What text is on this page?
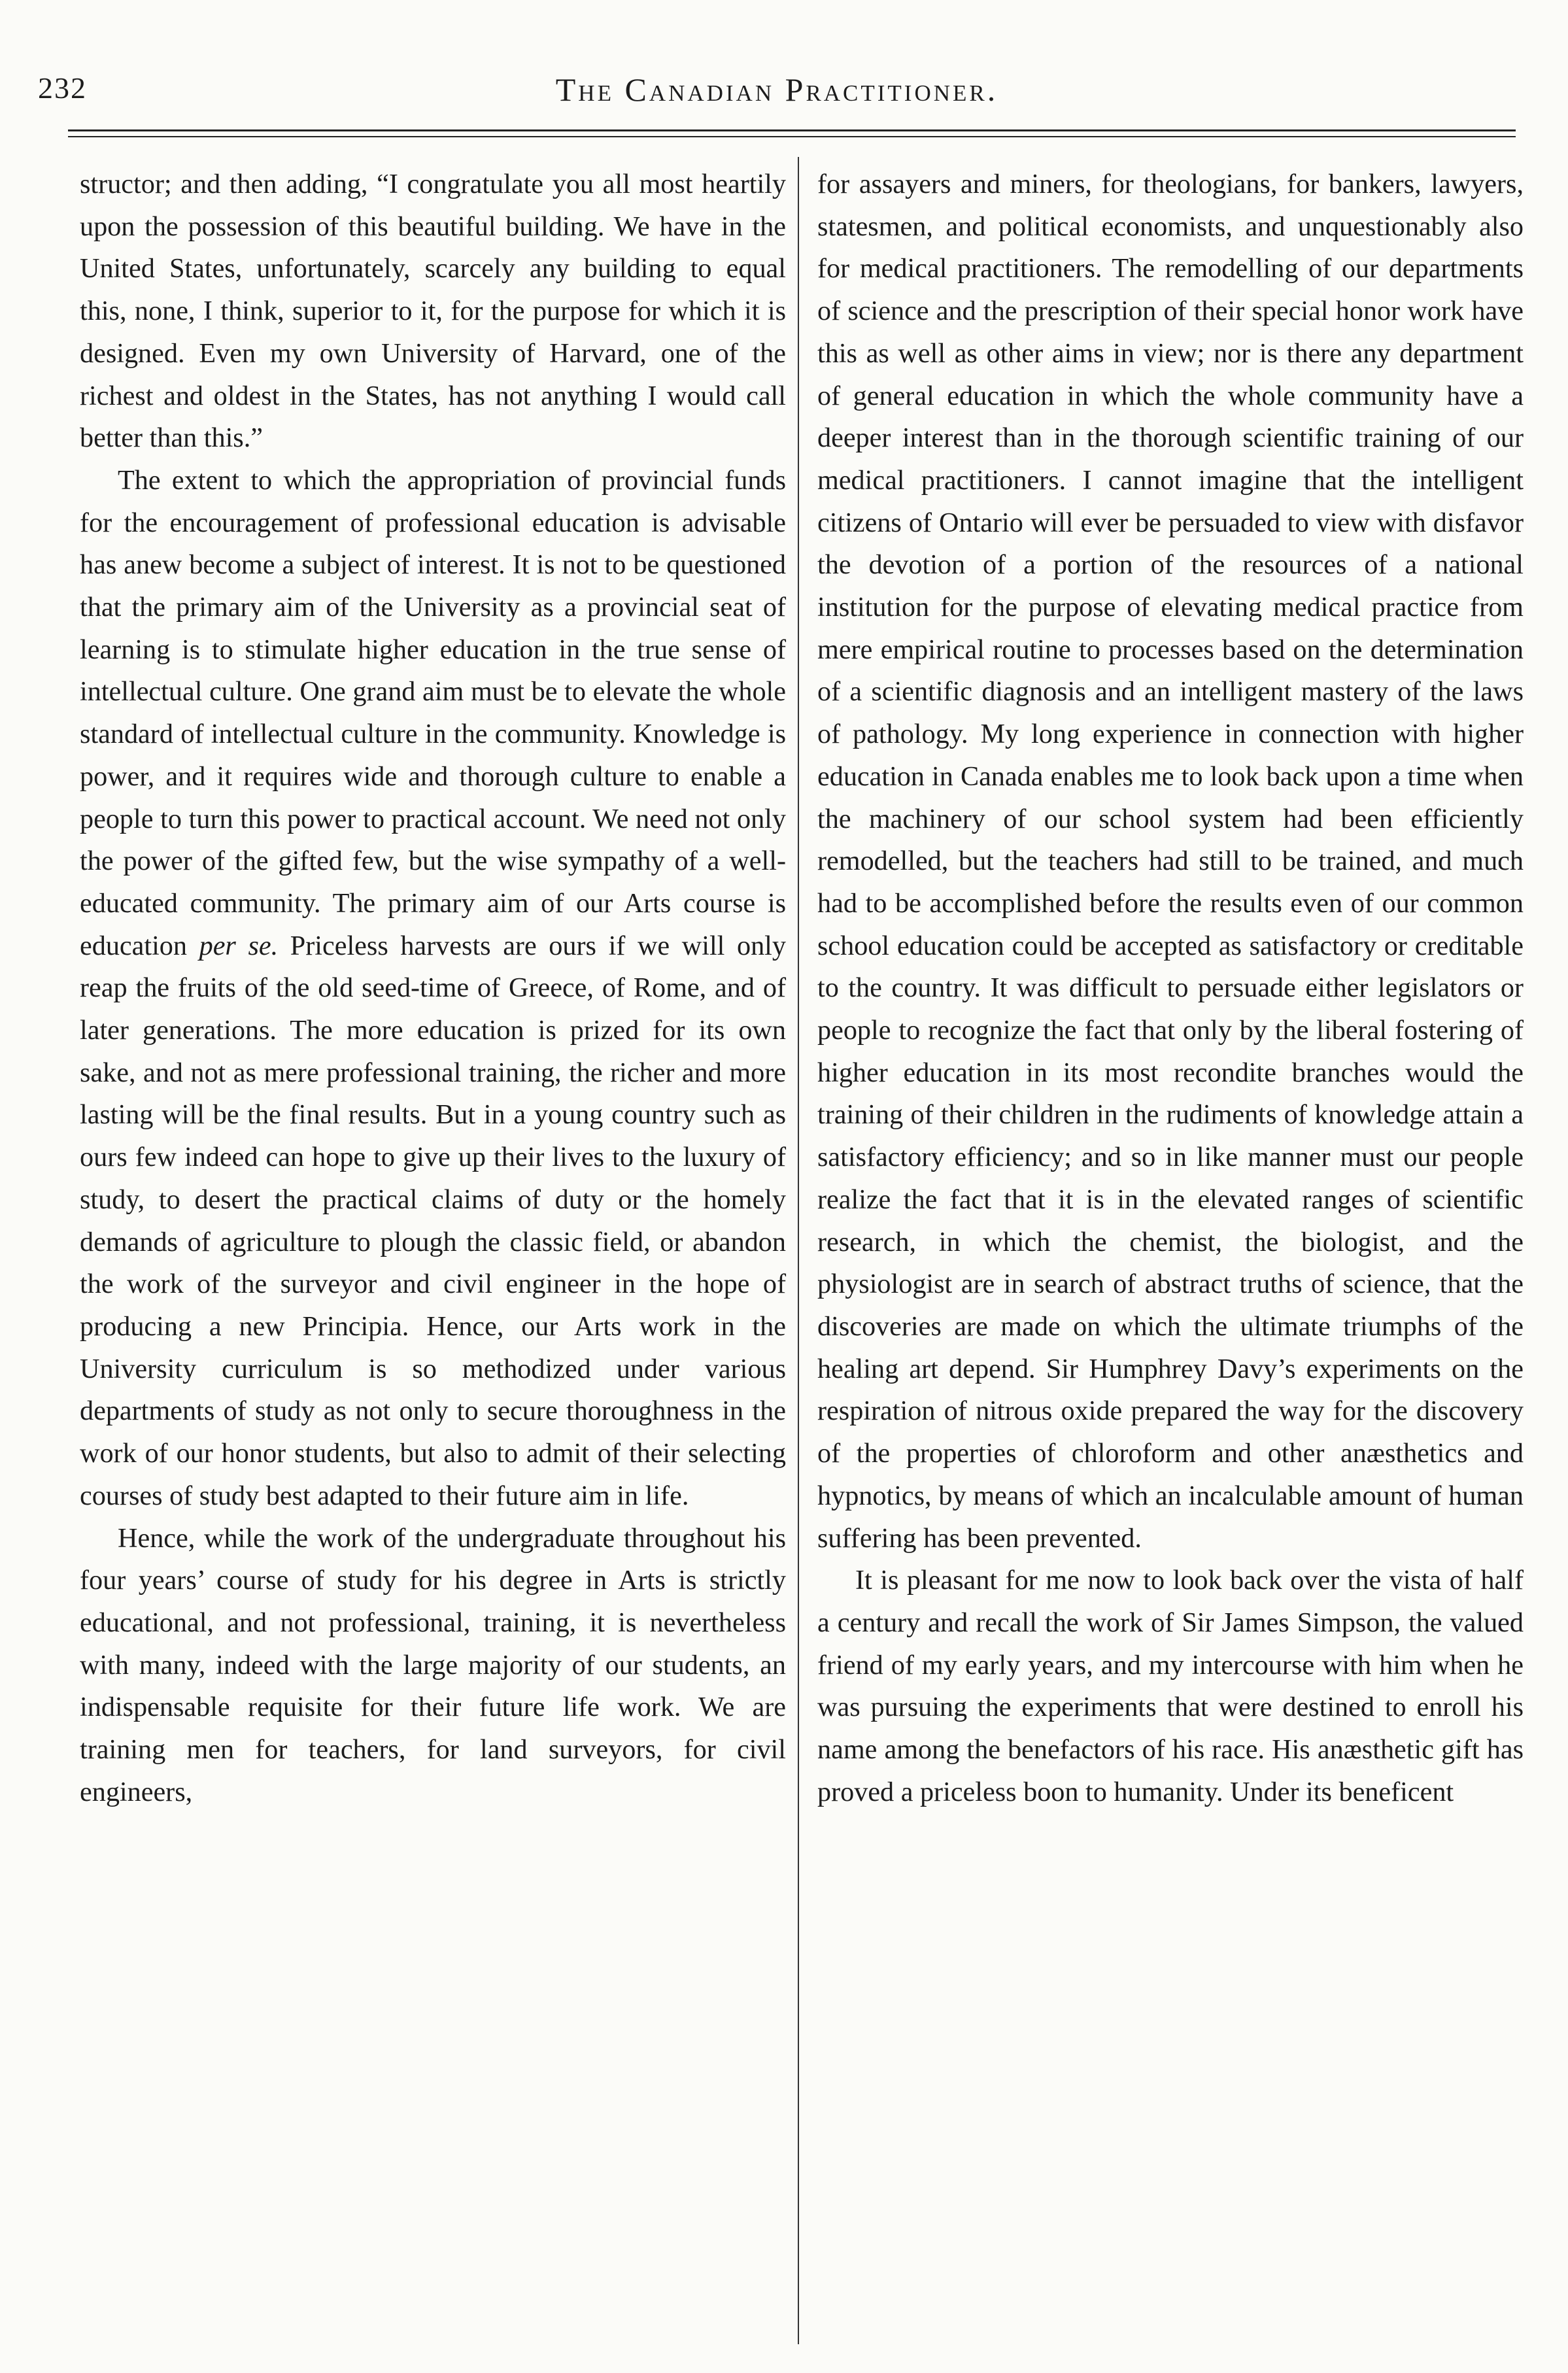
232	The Canadian Practitioner.

structor; and then adding, “I congratulate you all most heartily upon the possession of this beautiful building. We have in the United States, unfortunately, scarcely any building to equal this, none, I think, superior to it, for the purpose for which it is designed. Even my own University of Harvard, one of the richest and oldest in the States, has not anything I would call better than this.”

The extent to which the appropriation of provincial funds for the encouragement of professional education is advisable has anew become a subject of interest. It is not to be questioned that the primary aim of the University as a provincial seat of learning is to stimulate higher education in the true sense of intellectual culture. One grand aim must be to elevate the whole standard of intellectual culture in the community. Knowledge is power, and it requires wide and thorough culture to enable a people to turn this power to practical account. We need not only the power of the gifted few, but the wise sympathy of a well-educated community. The primary aim of our Arts course is education per se. Priceless harvests are ours if we will only reap the fruits of the old seed-time of Greece, of Rome, and of later generations. The more education is prized for its own sake, and not as mere professional training, the richer and more lasting will be the final results. But in a young country such as ours few indeed can hope to give up their lives to the luxury of study, to desert the practical claims of duty or the homely demands of agriculture to plough the classic field, or abandon the work of the surveyor and civil engineer in the hope of producing a new Principia. Hence, our Arts work in the University curriculum is so methodized under various departments of study as not only to secure thoroughness in the work of our honor students, but also to admit of their selecting courses of study best adapted to their future aim in life.

Hence, while the work of the undergraduate throughout his four years’ course of study for his degree in Arts is strictly educational, and not professional, training, it is nevertheless with many, indeed with the large majority of our students, an indispensable requisite for their future life work. We are training men for teachers, for land surveyors, for civil engineers,

for assayers and miners, for theologians, for bankers, lawyers, statesmen, and political economists, and unquestionably also for medical practitioners. The remodelling of our departments of science and the prescription of their special honor work have this as well as other aims in view; nor is there any department of general education in which the whole community have a deeper interest than in the thorough scientific training of our medical practitioners. I cannot imagine that the intelligent citizens of Ontario will ever be persuaded to view with disfavor the devotion of a portion of the resources of a national institution for the purpose of elevating medical practice from mere empirical routine to processes based on the determination of a scientific diagnosis and an intelligent mastery of the laws of pathology. My long experience in connection with higher education in Canada enables me to look back upon a time when the machinery of our school system had been efficiently remodelled, but the teachers had still to be trained, and much had to be accomplished before the results even of our common school education could be accepted as satisfactory or creditable to the country. It was difficult to persuade either legislators or people to recognize the fact that only by the liberal fostering of higher education in its most recondite branches would the training of their children in the rudiments of knowledge attain a satisfactory efficiency; and so in like manner must our people realize the fact that it is in the elevated ranges of scientific research, in which the chemist, the biologist, and the physiologist are in search of abstract truths of science, that the discoveries are made on which the ultimate triumphs of the healing art depend. Sir Humphrey Davy’s experiments on the respiration of nitrous oxide prepared the way for the discovery of the properties of chloroform and other anæsthetics and hypnotics, by means of which an incalculable amount of human suffering has been prevented.

It is pleasant for me now to look back over the vista of half a century and recall the work of Sir James Simpson, the valued friend of my early years, and my intercourse with him when he was pursuing the experiments that were destined to enroll his name among the benefactors of his race. His anæsthetic gift has proved a priceless boon to humanity. Under its beneficent
